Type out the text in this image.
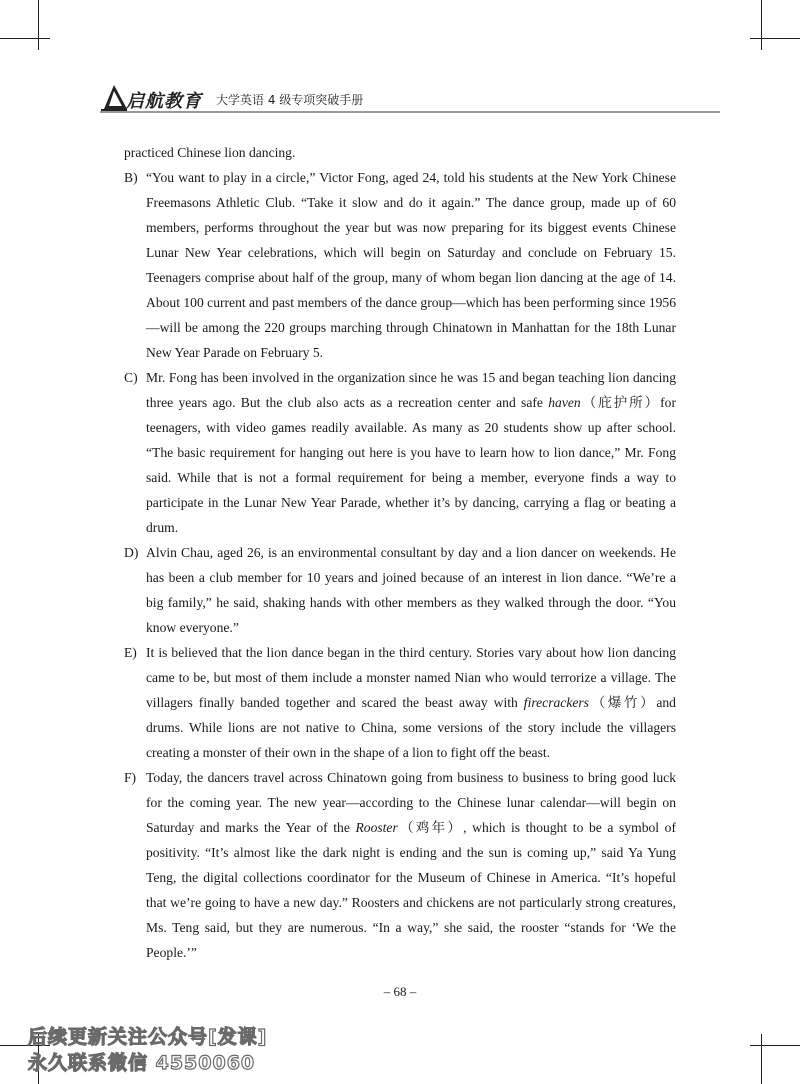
启航教育 大学英语 4 级专项突破手册
practiced Chinese lion dancing.
B) “You want to play in a circle,” Victor Fong, aged 24, told his students at the New York Chinese Freemasons Athletic Club. “Take it slow and do it again.” The dance group, made up of 60 members, performs throughout the year but was now preparing for its biggest events Chinese Lunar New Year celebrations, which will begin on Saturday and conclude on February 15. Teenagers comprise about half of the group, many of whom began lion dancing at the age of 14. About 100 current and past members of the dance group—which has been performing since 1956—will be among the 220 groups marching through Chinatown in Manhattan for the 18th Lunar New Year Parade on February 5.
C) Mr. Fong has been involved in the organization since he was 15 and began teaching lion dancing three years ago. But the club also acts as a recreation center and safe haven（庇护所）for teenagers, with video games readily available. As many as 20 students show up after school. “The basic requirement for hanging out here is you have to learn how to lion dance,” Mr. Fong said. While that is not a formal requirement for being a member, everyone finds a way to participate in the Lunar New Year Parade, whether it’s by dancing, carrying a flag or beating a drum.
D) Alvin Chau, aged 26, is an environmental consultant by day and a lion dancer on weekends. He has been a club member for 10 years and joined because of an interest in lion dance. “We’re a big family,” he said, shaking hands with other members as they walked through the door. “You know everyone.”
E) It is believed that the lion dance began in the third century. Stories vary about how lion dancing came to be, but most of them include a monster named Nian who would terrorize a village. The villagers finally banded together and scared the beast away with firecrackers（爆竹）and drums. While lions are not native to China, some versions of the story include the villagers creating a monster of their own in the shape of a lion to fight off the beast.
F) Today, the dancers travel across Chinatown going from business to business to bring good luck for the coming year. The new year—according to the Chinese lunar calendar—will begin on Saturday and marks the Year of the Rooster（鸡年）, which is thought to be a symbol of positivity. “It’s almost like the dark night is ending and the sun is coming up,” said Ya Yung Teng, the digital collections coordinator for the Museum of Chinese in America. “It’s hopeful that we’re going to have a new day.” Roosters and chickens are not particularly strong creatures, Ms. Teng said, but they are numerous. “In a way,” she said, the rooster “stands for ‘We the People.’”
– 68 –
后续更新关注公众号[发课]
永久联系微信 4550060
